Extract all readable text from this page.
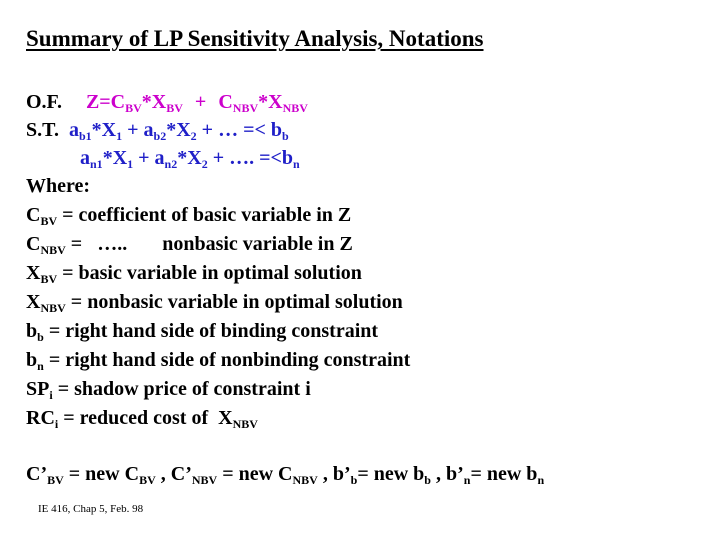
Summary of LP Sensitivity Analysis, Notations
O.F. $Z=C_{BV}*X_{BV} + C_{NBV}*X_{NBV}$
S.T. $a_{b1}*X_1 + a_{b2}*X_2$ + … =< $b_b$
$a_{n1}*X_1 + a_{n2}*X_2$ + …. $=<b_n$
Where:
$C_{BV}$ = coefficient of basic variable in Z
$C_{NBV}$ =   …..       nonbasic variable in Z
$X_{BV}$ = basic variable in optimal solution
$X_{NBV}$ = nonbasic variable in optimal solution
$b_b$ = right hand side of binding constraint
$b_n$ = right hand side of nonbinding constraint
$SP_i$ = shadow price of constraint i
$RC_i$ = reduced cost of  $X_{NBV}$
$C’_{BV}$ = new $C_{BV}$ , $C’_{NBV}$ = new $C_{NBV}$ , $b’_b=$ new $b_b$ , $b’_n=$ new $b_n$
IE 416, Chap 5, Feb. 98
